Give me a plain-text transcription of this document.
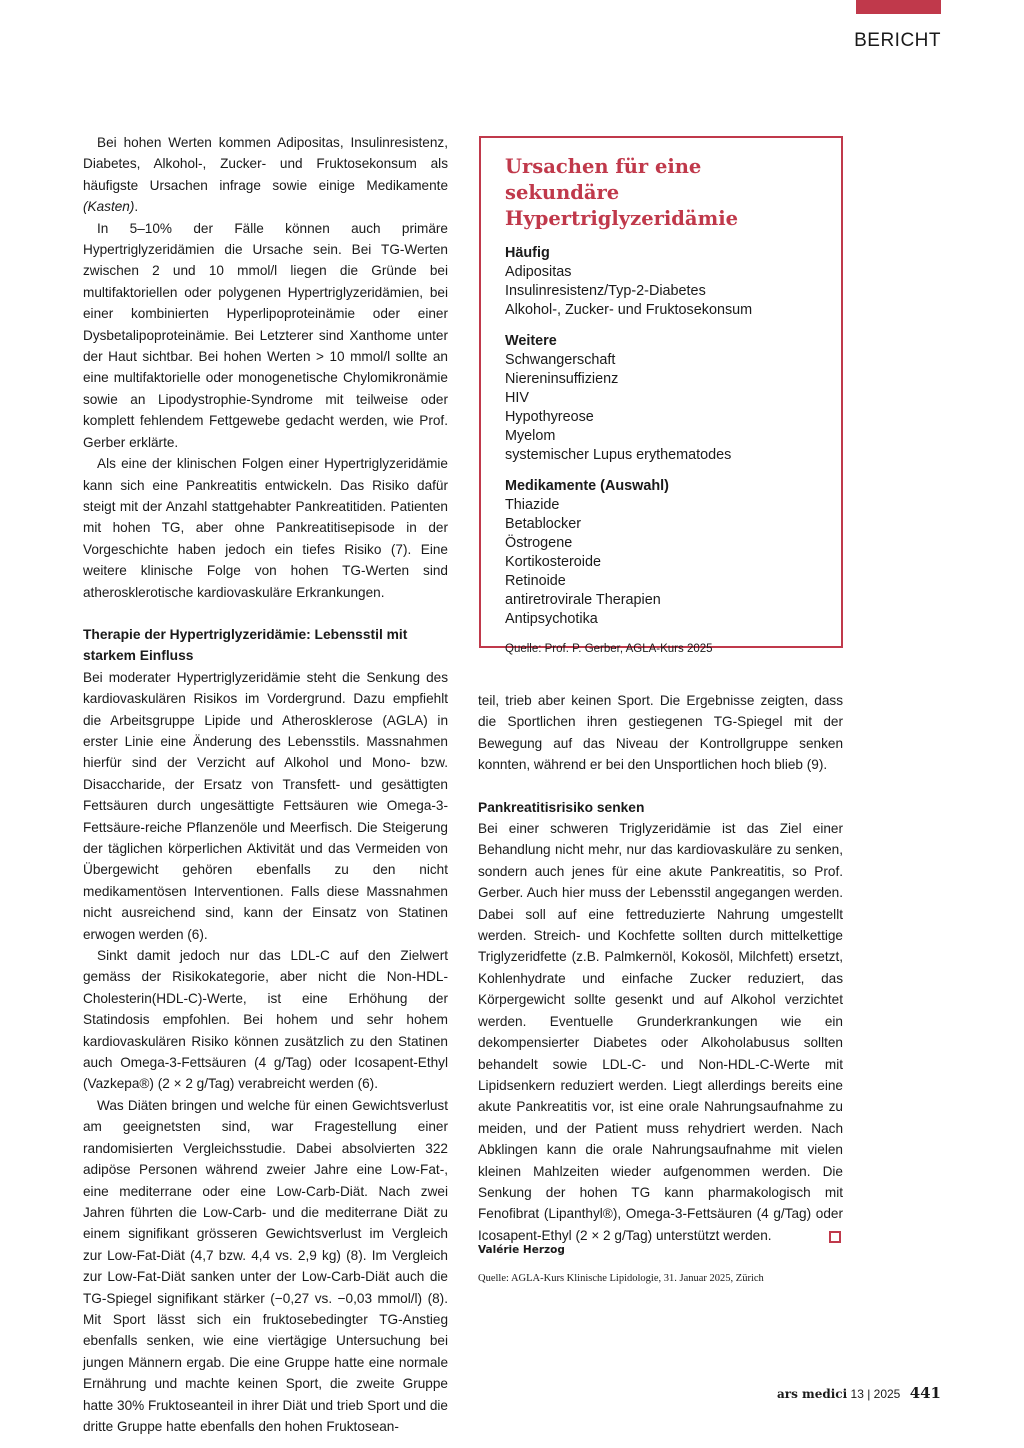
BERICHT

Bei hohen Werten kommen Adipositas, Insulinresistenz, Diabetes, Alkohol-, Zucker- und Fruktosekonsum als häufigste Ursachen infrage sowie einige Medikamente (Kasten).

In 5–10% der Fälle können auch primäre Hypertriglyzeridämien die Ursache sein. Bei TG-Werten zwischen 2 und 10 mmol/l liegen die Gründe bei multifaktoriellen oder polygenen Hypertriglyzeridämien, bei einer kombinierten Hyperlipoproteinämie oder einer Dysbetalipoproteinämie. Bei Letzterer sind Xanthome unter der Haut sichtbar. Bei hohen Werten > 10 mmol/l sollte an eine multifaktorielle oder monogenetische Chylomikronämie sowie an Lipodystrophie-Syndrome mit teilweise oder komplett fehlendem Fettgewebe gedacht werden, wie Prof. Gerber erklärte.

Als eine der klinischen Folgen einer Hypertriglyzeridämie kann sich eine Pankreatitis entwickeln. Das Risiko dafür steigt mit der Anzahl stattgehabter Pankreatitiden. Patienten mit hohen TG, aber ohne Pankreatitisepisode in der Vorgeschichte haben jedoch ein tiefes Risiko (7). Eine weitere klinische Folge von hohen TG-Werten sind atherosklerotische kardiovaskuläre Erkrankungen.

Therapie der Hypertriglyzeridämie: Lebensstil mit starkem Einfluss

Bei moderater Hypertriglyzeridämie steht die Senkung des kardiovaskulären Risikos im Vordergrund. Dazu empfiehlt die Arbeitsgruppe Lipide und Atherosklerose (AGLA) in erster Linie eine Änderung des Lebensstils. Massnahmen hierfür sind der Verzicht auf Alkohol und Mono- bzw. Disaccharide, der Ersatz von Transfett- und gesättigten Fettsäuren durch ungesättigte Fettsäuren wie Omega-3-Fettsäure-reiche Pflanzenöle und Meerfisch. Die Steigerung der täglichen körperlichen Aktivität und das Vermeiden von Übergewicht gehören ebenfalls zu den nicht medikamentösen Interventionen. Falls diese Massnahmen nicht ausreichend sind, kann der Einsatz von Statinen erwogen werden (6).

Sinkt damit jedoch nur das LDL-C auf den Zielwert gemäss der Risikokategorie, aber nicht die Non-HDL-Cholesterin(HDL-C)-Werte, ist eine Erhöhung der Statindosis empfohlen. Bei hohem und sehr hohem kardiovaskulären Risiko können zusätzlich zu den Statinen auch Omega-3-Fettsäuren (4 g/Tag) oder Icosapent-Ethyl (Vazkepa®) (2 × 2 g/Tag) verabreicht werden (6).

Was Diäten bringen und welche für einen Gewichtsverlust am geeignetsten sind, war Fragestellung einer randomisierten Vergleichsstudie. Dabei absolvierten 322 adipöse Personen während zweier Jahre eine Low-Fat-, eine mediterrane oder eine Low-Carb-Diät. Nach zwei Jahren führten die Low-Carb- und die mediterrane Diät zu einem signifikant grösseren Gewichtsverlust im Vergleich zur Low-Fat-Diät (4,7 bzw. 4,4 vs. 2,9 kg) (8). Im Vergleich zur Low-Fat-Diät sanken unter der Low-Carb-Diät auch die TG-Spiegel signifikant stärker (−0,27 vs. −0,03 mmol/l) (8). Mit Sport lässt sich ein fruktosebedingter TG-Anstieg ebenfalls senken, wie eine viertägige Untersuchung bei jungen Männern ergab. Die eine Gruppe hatte eine normale Ernährung und machte keinen Sport, die zweite Gruppe hatte 30% Fruktoseanteil in ihrer Diät und trieb Sport und die dritte Gruppe hatte ebenfalls den hohen Fruktosean-

Ursachen für eine sekundäre Hypertriglyzeridämie
Häufig
Adipositas
Insulinresistenz/Typ-2-Diabetes
Alkohol-, Zucker- und Fruktosekonsum
Weitere
Schwangerschaft
Niereninsuffizienz
HIV
Hypothyreose
Myelom
systemischer Lupus erythematodes
Medikamente (Auswahl)
Thiazide
Betablocker
Östrogene
Kortikosteroide
Retinoide
antiretrovirale Therapien
Antipsychotika
Quelle: Prof. P. Gerber, AGLA-Kurs 2025

teil, trieb aber keinen Sport. Die Ergebnisse zeigten, dass die Sportlichen ihren gestiegenen TG-Spiegel mit der Bewegung auf das Niveau der Kontrollgruppe senken konnten, während er bei den Unsportlichen hoch blieb (9).

Pankreatitisrisiko senken

Bei einer schweren Triglyzeridämie ist das Ziel einer Behandlung nicht mehr, nur das kardiovaskuläre zu senken, sondern auch jenes für eine akute Pankreatitis, so Prof. Gerber. Auch hier muss der Lebensstil angegangen werden. Dabei soll auf eine fettreduzierte Nahrung umgestellt werden. Streich- und Kochfette sollten durch mittelkettige Triglyzeridfette (z.B. Palmkernöl, Kokosöl, Milchfett) ersetzt, Kohlenhydrate und einfache Zucker reduziert, das Körpergewicht sollte gesenkt und auf Alkohol verzichtet werden. Eventuelle Grunderkrankungen wie ein dekompensierter Diabetes oder Alkoholabusus sollten behandelt sowie LDL-C- und Non-HDL-C-Werte mit Lipidsenkern reduziert werden. Liegt allerdings bereits eine akute Pankreatitis vor, ist eine orale Nahrungsaufnahme zu meiden, und der Patient muss rehydriert werden. Nach Abklingen kann die orale Nahrungsaufnahme mit vielen kleinen Mahlzeiten wieder aufgenommen werden. Die Senkung der hohen TG kann pharmakologisch mit Fenofibrat (Lipanthyl®), Omega-3-Fettsäuren (4 g/Tag) oder Icosapent-Ethyl (2 × 2 g/Tag) unterstützt werden.

Valérie Herzog
Quelle: AGLA-Kurs Klinische Lipidologie, 31. Januar 2025, Zürich
ars medici 13 | 2025 441
